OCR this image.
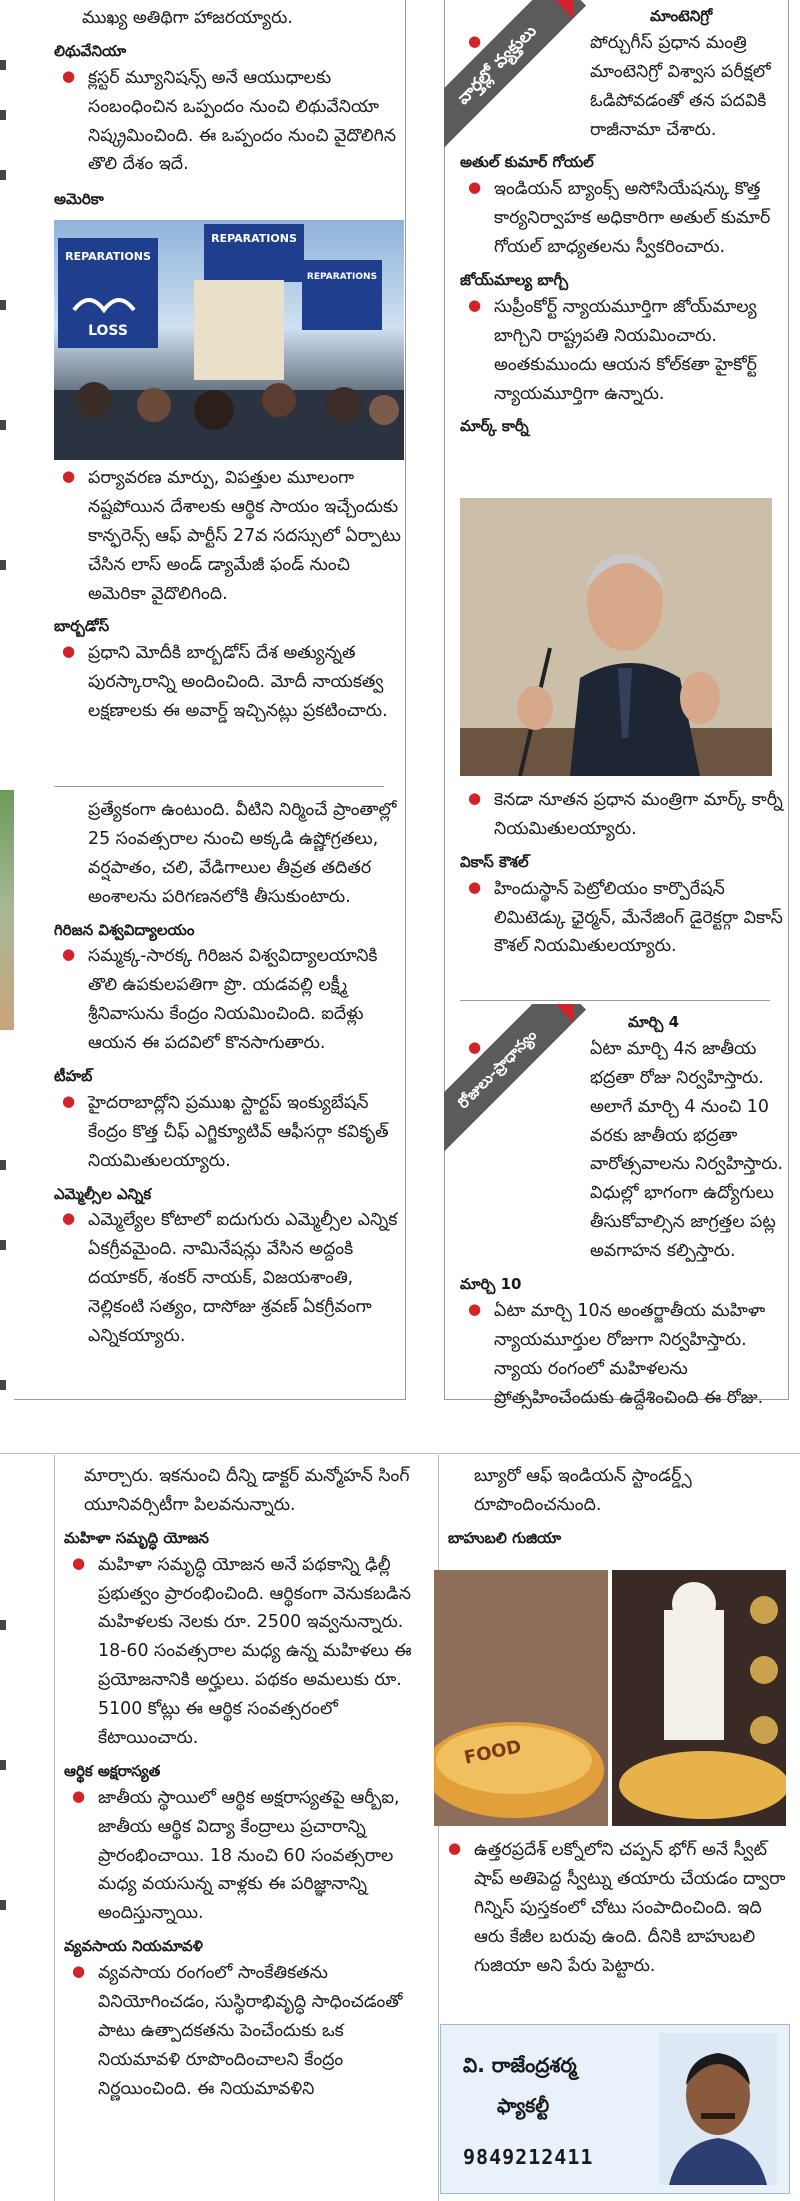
ముఖ్య అతిథిగా హాజరయ్యారు.
లిథువేనియా
● క్లస్టర్ మ్యూనిషన్స్ అనే ఆయుధాలకు సంబంధించిన ఒప్పందం నుంచి లిథువేనియా నిష్క్రమించింది. ఈ ఒప్పందం నుంచి వైదొలిగిన తొలి దేశం ఇదే.
అమెరికా
REPARATIONS
LOSS
REPARATIONS
REPARATIONS
● పర్యావరణ మార్పు, విపత్తుల మూలంగా నష్టపోయిన దేశాలకు ఆర్థిక సాయం ఇచ్చేందుకు కాన్ఫరెన్స్ ఆఫ్ పార్టీస్ 27వ సదస్సులో ఏర్పాటు చేసిన లాస్ అండ్ డ్యామేజీ ఫండ్ నుంచి అమెరికా వైదొలిగింది.
బార్బడోస్
● ప్రధాని మోదీకి బార్బడోస్ దేశ అత్యున్నత పురస్కారాన్ని అందించింది. మోదీ నాయకత్వ లక్షణాలకు ఈ అవార్డ్ ఇచ్చినట్లు ప్రకటించారు.
ప్రత్యేకంగా ఉంటుంది. వీటిని నిర్మించే ప్రాంతాల్లో 25 సంవత్సరాల నుంచి అక్కడి ఉష్ణోగ్రతలు, వర్షపాతం, చలి, వేడిగాలుల తీవ్రత తదితర అంశాలను పరిగణనలోకి తీసుకుంటారు.
గిరిజన విశ్వవిద్యాలయం
● సమ్మక్క-సారక్క గిరిజన విశ్వవిద్యాలయానికి తొలి ఉపకులపతిగా ప్రొ. యడవల్లి లక్ష్మీ శ్రీనివాసును కేంద్రం నియమించింది. ఐదేళ్లు ఆయన ఈ పదవిలో కొనసాగుతారు.
టీహబ్
● హైదరాబాద్లోని ప్రముఖ స్టార్టప్ ఇంక్యుబేషన్ కేంద్రం కొత్త చీఫ్ ఎగ్జిక్యూటివ్ ఆఫీసర్గా కవికృత్ నియమితులయ్యారు.
ఎమ్మెల్సీల ఎన్నిక
● ఎమ్మెల్యేల కోటాలో ఐదుగురు ఎమ్మెల్సీల ఎన్నిక ఏకగ్రీవమైంది. నామినేషన్లు వేసిన అద్దంకి దయాకర్, శంకర్ నాయక్, విజయశాంతి, నెల్లికంటి సత్యం, దాసోజు శ్రవణ్ ఏకగ్రీవంగా ఎన్నికయ్యారు.
వార్తల్లో వ్యక్తులు
మాంటెనిగ్రో
● పోర్చుగీస్ ప్రధాన మంత్రి మాంటెనిగ్రో విశ్వాస పరీక్షలో ఓడిపోవడంతో తన పదవికి రాజీనామా చేశారు.
అతుల్ కుమార్ గోయల్
● ఇండియన్ బ్యాంక్స్ అసోసియేషన్కు కొత్త కార్యనిర్వాహక అధికారిగా అతుల్ కుమార్ గోయల్ బాధ్యతలను స్వీకరించారు.
జోయ్‌మాల్య బాగ్చీ
● సుప్రీంకోర్ట్ న్యాయమూర్తిగా జోయ్‌మాల్య బాగ్చిని రాష్ట్రపతి నియమించారు. అంతకుముందు ఆయన కోల్‌కతా హైకోర్ట్ న్యాయమూర్తిగా ఉన్నారు.
మార్క్ కార్నీ
● కెనడా నూతన ప్రధాన మంత్రిగా మార్క్ కార్నీ నియమితులయ్యారు.
వికాస్ కౌశల్
● హిందుస్థాన్ పెట్రోలియం కార్పొరేషన్ లిమిటెడ్కు ఛైర్మన్, మేనేజింగ్ డైరెక్టర్గా వికాస్ కౌశల్ నియమితులయ్యారు.
రోజులు-ప్రాధాన్యం
మార్చి 4
● ఏటా మార్చి 4న జాతీయ భద్రతా రోజు నిర్వహిస్తారు. అలాగే మార్చి 4 నుంచి 10 వరకు జాతీయ భద్రతా వారోత్సవాలను నిర్వహిస్తారు. విధుల్లో భాగంగా ఉద్యోగులు తీసుకోవాల్సిన జాగ్రత్తల పట్ల అవగాహన కల్పిస్తారు.
మార్చి 10
● ఏటా మార్చి 10న అంతర్జాతీయ మహిళా న్యాయమూర్తుల రోజుగా నిర్వహిస్తారు. న్యాయ రంగంలో మహిళలను ప్రోత్సహించేందుకు ఉద్దేశించింది ఈ రోజు.
మార్చారు. ఇకనుంచి దీన్ని డాక్టర్ మన్మోహన్ సింగ్ యూనివర్సిటీగా పిలవనున్నారు.
మహిళా సమృద్ధి యోజన
● మహిళా సమృద్ధి యోజన అనే పథకాన్ని ఢిల్లీ ప్రభుత్వం ప్రారంభించింది. ఆర్థికంగా వెనుకబడిన మహిళలకు నెలకు రూ. 2500 ఇవ్వనున్నారు. 18-60 సంవత్సరాల మధ్య ఉన్న మహిళలు ఈ ప్రయోజనానికి అర్హులు. పథకం అమలుకు రూ. 5100 కోట్లు ఈ ఆర్థిక సంవత్సరంలో కేటాయించారు.
ఆర్థిక అక్షరాస్యత
● జాతీయ స్థాయిలో ఆర్థిక అక్షరాస్యతపై ఆర్బీఐ, జాతీయ ఆర్థిక విద్యా కేంద్రాలు ప్రచారాన్ని ప్రారంభించాయి. 18 నుంచి 60 సంవత్సరాల మధ్య వయసున్న వాళ్లకు ఈ పరిజ్ఞానాన్ని అందిస్తున్నాయి.
వ్యవసాయ నియమావళి
● వ్యవసాయ రంగంలో సాంకేతికతను వినియోగించడం, సుస్థిరాభివృద్ధి సాధించడంతో పాటు ఉత్పాదకతను పెంచేందుకు ఒక నియమావళి రూపొందించాలని కేంద్రం నిర్ణయించింది. ఈ నియమావళిని
బ్యూరో ఆఫ్ ఇండియన్ స్టాండర్డ్స్ రూపొందించనుంది.
బాహుబలి గుజియా
FOOD
● ఉత్తరప్రదేశ్ లక్నోలోని చప్పన్ భోగ్ అనే స్వీట్ షాప్ అతిపెద్ద స్వీట్ను తయారు చేయడం ద్వారా గిన్నిస్ పుస్తకంలో చోటు సంపాదించింది. ఇది ఆరు కేజీల బరువు ఉంది. దీనికి బాహుబలి గుజియా అని పేరు పెట్టారు.
వి. రాజేంద్రశర్మ
ఫ్యాకల్టీ
9849212411
